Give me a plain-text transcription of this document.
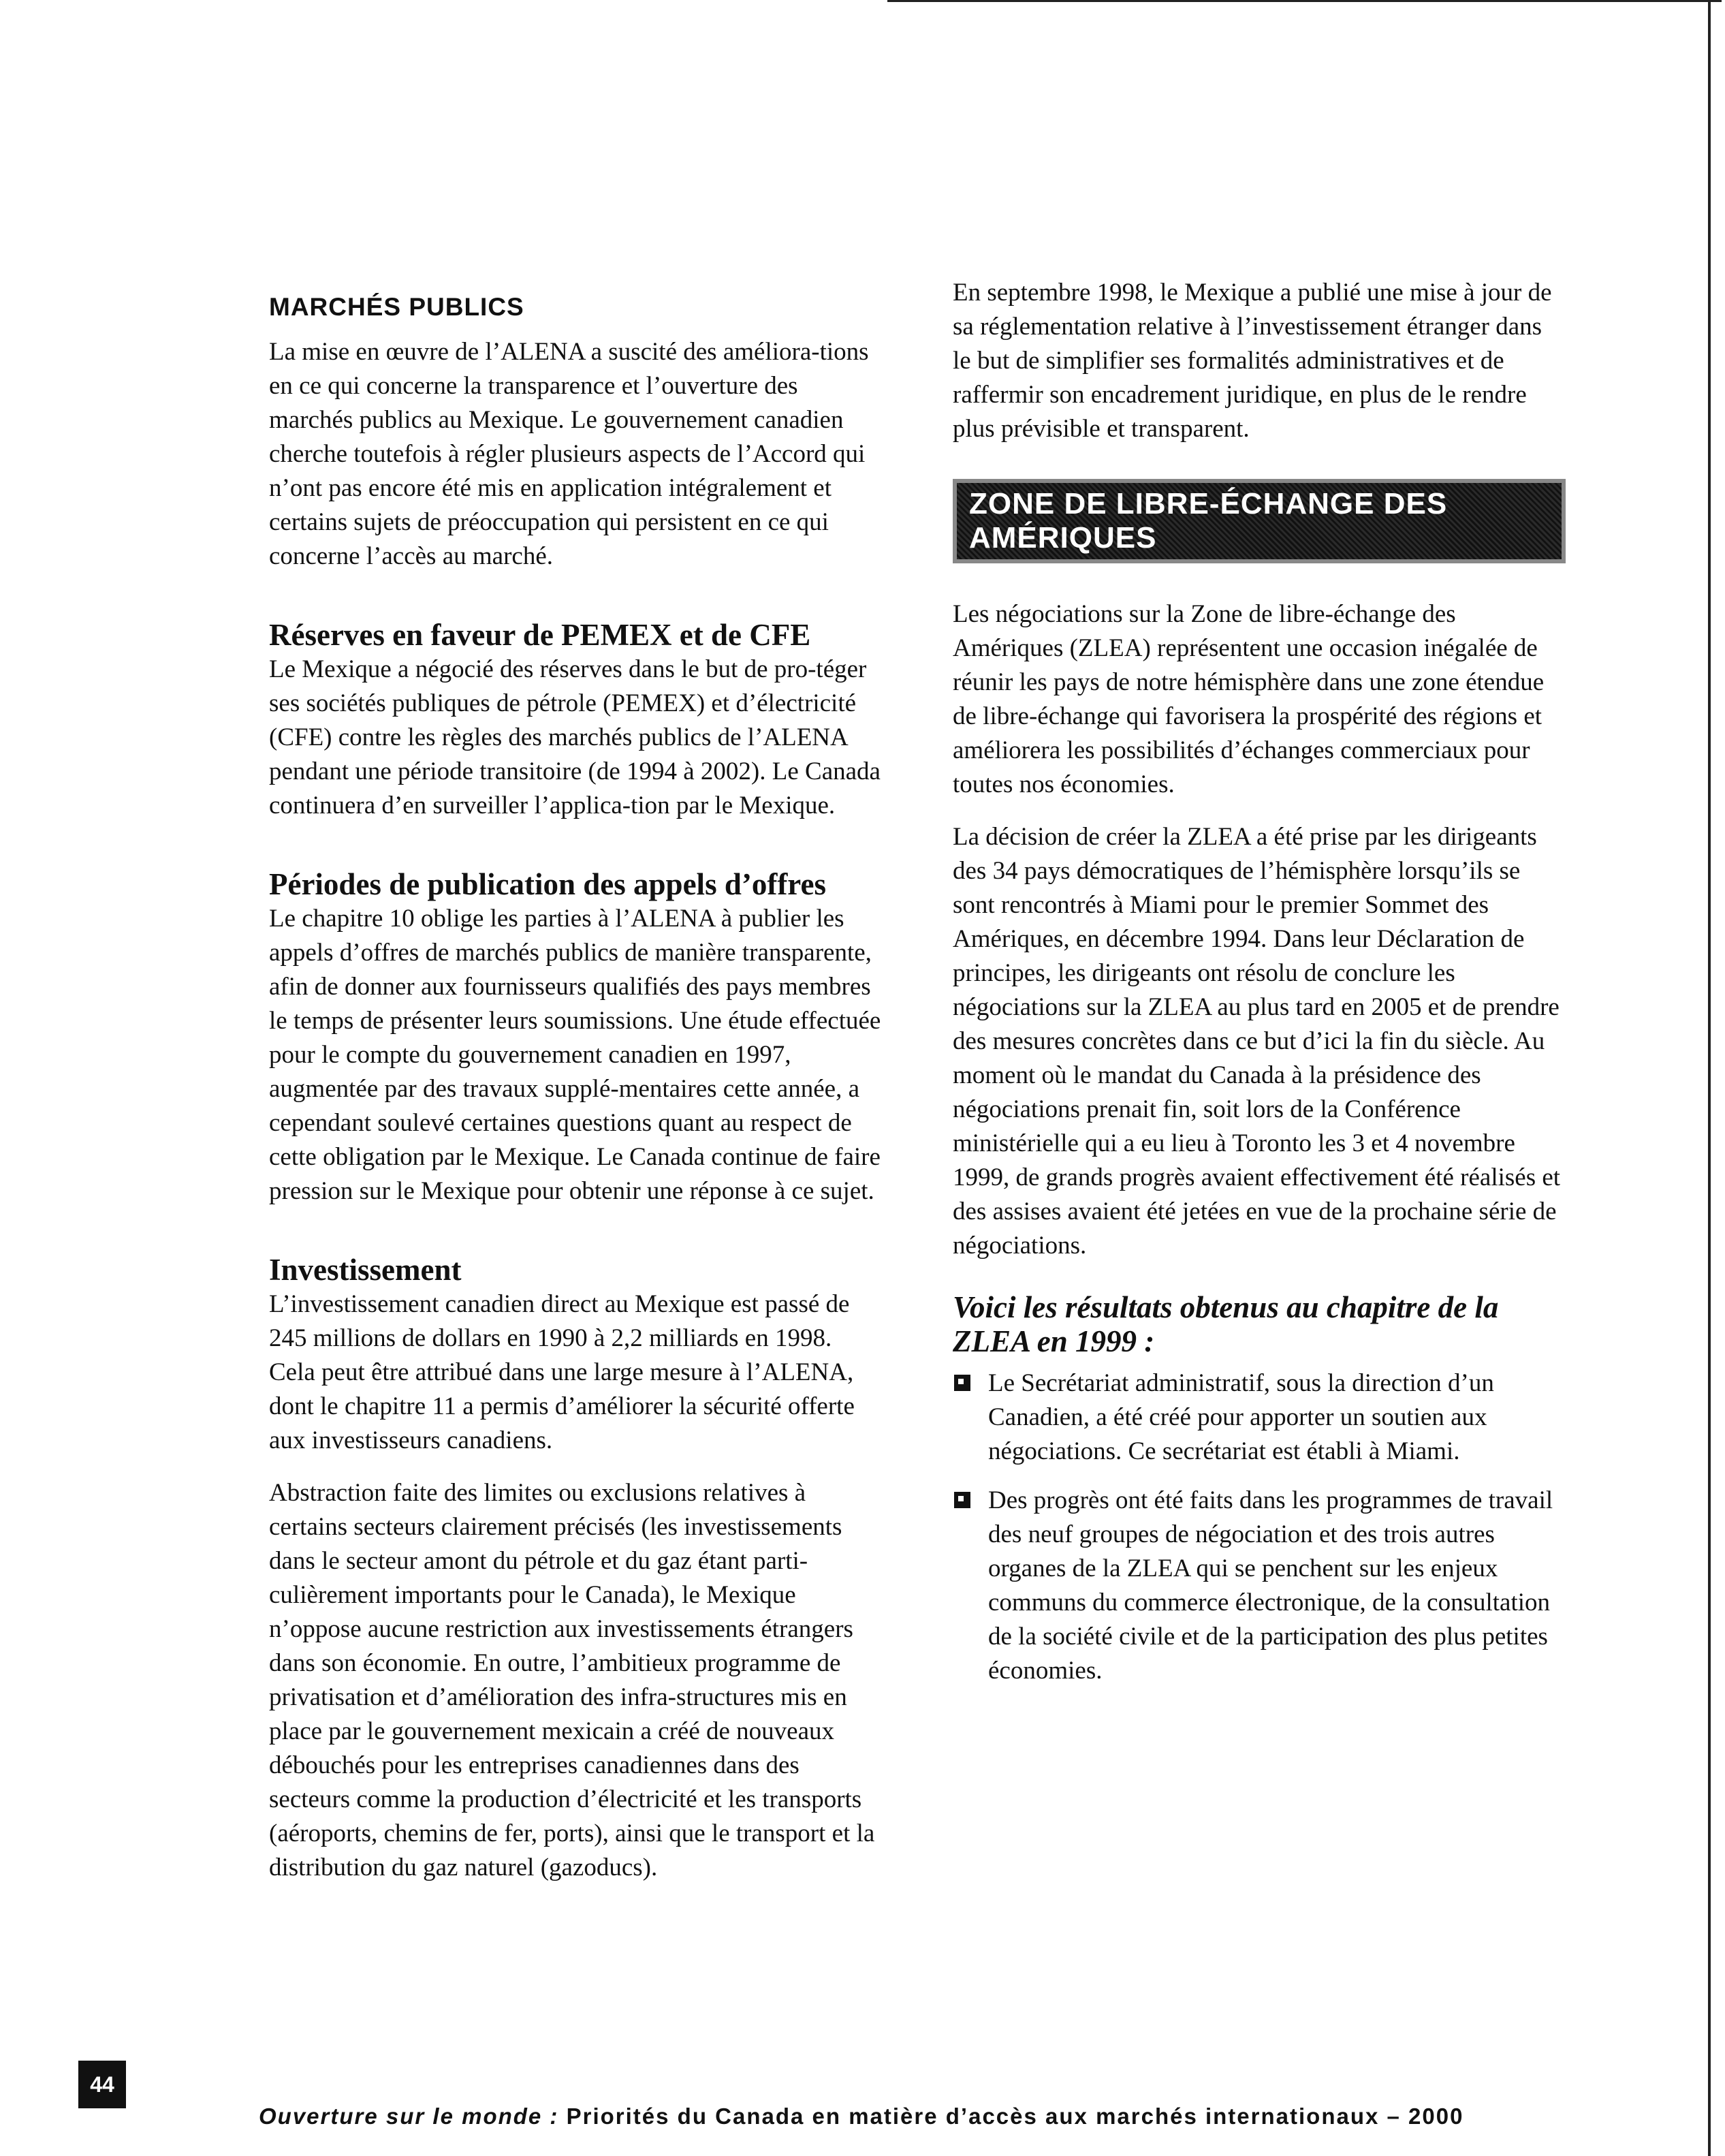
MARCHÉS PUBLICS

La mise en œuvre de l’ALENA a suscité des améliora-tions en ce qui concerne la transparence et l’ouverture des marchés publics au Mexique. Le gouvernement canadien cherche toutefois à régler plusieurs aspects de l’Accord qui n’ont pas encore été mis en application intégralement et certains sujets de préoccupation qui persistent en ce qui concerne l’accès au marché.

Réserves en faveur de PEMEX et de CFE

Le Mexique a négocié des réserves dans le but de pro-téger ses sociétés publiques de pétrole (PEMEX) et d’électricité (CFE) contre les règles des marchés publics de l’ALENA pendant une période transitoire (de 1994 à 2002). Le Canada continuera d’en surveiller l’applica-tion par le Mexique.

Périodes de publication des appels d’offres

Le chapitre 10 oblige les parties à l’ALENA à publier les appels d’offres de marchés publics de manière transparente, afin de donner aux fournisseurs qualifiés des pays membres le temps de présenter leurs soumissions. Une étude effectuée pour le compte du gouvernement canadien en 1997, augmentée par des travaux supplé-mentaires cette année, a cependant soulevé certaines questions quant au respect de cette obligation par le Mexique. Le Canada continue de faire pression sur le Mexique pour obtenir une réponse à ce sujet.

Investissement

L’investissement canadien direct au Mexique est passé de 245 millions de dollars en 1990 à 2,2 milliards en 1998. Cela peut être attribué dans une large mesure à l’ALENA, dont le chapitre 11 a permis d’améliorer la sécurité offerte aux investisseurs canadiens.

Abstraction faite des limites ou exclusions relatives à certains secteurs clairement précisés (les investissements dans le secteur amont du pétrole et du gaz étant parti-culièrement importants pour le Canada), le Mexique n’oppose aucune restriction aux investissements étrangers dans son économie. En outre, l’ambitieux programme de privatisation et d’amélioration des infra-structures mis en place par le gouvernement mexicain a créé de nouveaux débouchés pour les entreprises canadiennes dans des secteurs comme la production d’électricité et les transports (aéroports, chemins de fer, ports), ainsi que le transport et la distribution du gaz naturel (gazoducs).

En septembre 1998, le Mexique a publié une mise à jour de sa réglementation relative à l’investissement étranger dans le but de simplifier ses formalités administratives et de raffermir son encadrement juridique, en plus de le rendre plus prévisible et transparent.

ZONE DE LIBRE-ÉCHANGE DES AMÉRIQUES

Les négociations sur la Zone de libre-échange des Amériques (ZLEA) représentent une occasion inégalée de réunir les pays de notre hémisphère dans une zone étendue de libre-échange qui favorisera la prospérité des régions et améliorera les possibilités d’échanges commerciaux pour toutes nos économies.

La décision de créer la ZLEA a été prise par les dirigeants des 34 pays démocratiques de l’hémisphère lorsqu’ils se sont rencontrés à Miami pour le premier Sommet des Amériques, en décembre 1994. Dans leur Déclaration de principes, les dirigeants ont résolu de conclure les négociations sur la ZLEA au plus tard en 2005 et de prendre des mesures concrètes dans ce but d’ici la fin du siècle. Au moment où le mandat du Canada à la présidence des négociations prenait fin, soit lors de la Conférence ministérielle qui a eu lieu à Toronto les 3 et 4 novembre 1999, de grands progrès avaient effectivement été réalisés et des assises avaient été jetées en vue de la prochaine série de négociations.

Voici les résultats obtenus au chapitre de la ZLEA en 1999 :
Le Secrétariat administratif, sous la direction d’un Canadien, a été créé pour apporter un soutien aux négociations. Ce secrétariat est établi à Miami.
Des progrès ont été faits dans les programmes de travail des neuf groupes de négociation et des trois autres organes de la ZLEA qui se penchent sur les enjeux communs du commerce électronique, de la consultation de la société civile et de la participation des plus petites économies.
44
Ouverture sur le monde : Priorités du Canada en matière d’accès aux marchés internationaux – 2000
